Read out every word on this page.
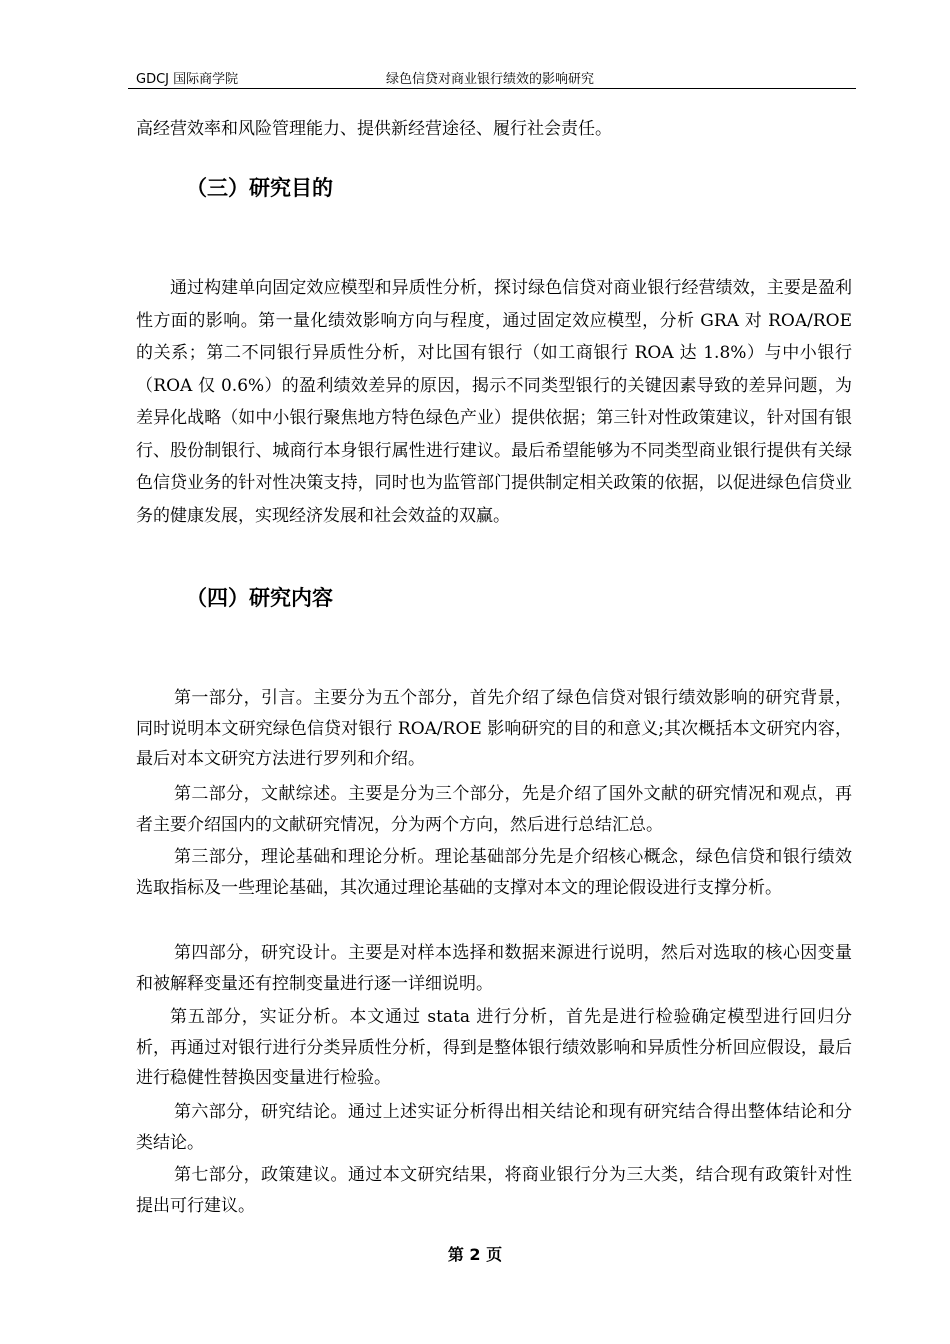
GDCJ 国际商学院	绿色信贷对商业银行绩效的影响研究
高经营效率和风险管理能力、提供新经营途径、履行社会责任。
（三）研究目的
通过构建单向固定效应模型和异质性分析，探讨绿色信贷对商业银行经营绩效，主要是盈利性方面的影响。第一量化绩效影响方向与程度，通过固定效应模型，分析 GRA 对 ROA/ROE 的关系；第二不同银行异质性分析，对比国有银行（如工商银行 ROA 达 1.8%）与中小银行（ROA 仅 0.6%）的盈利绩效差异的原因，揭示不同类型银行的关键因素导致的差异问题，为差异化战略（如中小银行聚焦地方特色绿色产业）提供依据；第三针对性政策建议，针对国有银行、股份制银行、城商行本身银行属性进行建议。最后希望能够为不同类型商业银行提供有关绿色信贷业务的针对性决策支持，同时也为监管部门提供制定相关政策的依据，以促进绿色信贷业务的健康发展，实现经济发展和社会效益的双赢。
（四）研究内容
第一部分，引言。主要分为五个部分，首先介绍了绿色信贷对银行绩效影响的研究背景，同时说明本文研究绿色信贷对银行 ROA/ROE 影响研究的目的和意义;其次概括本文研究内容，最后对本文研究方法进行罗列和介绍。
第二部分，文献综述。主要是分为三个部分，先是介绍了国外文献的研究情况和观点，再者主要介绍国内的文献研究情况，分为两个方向，然后进行总结汇总。
第三部分，理论基础和理论分析。理论基础部分先是介绍核心概念，绿色信贷和银行绩效选取指标及一些理论基础，其次通过理论基础的支撑对本文的理论假设进行支撑分析。
第四部分，研究设计。主要是对样本选择和数据来源进行说明，然后对选取的核心因变量和被解释变量还有控制变量进行逐一详细说明。
第五部分，实证分析。本文通过 stata 进行分析，首先是进行检验确定模型进行回归分析，再通过对银行进行分类异质性分析，得到是整体银行绩效影响和异质性分析回应假设，最后进行稳健性替换因变量进行检验。
第六部分，研究结论。通过上述实证分析得出相关结论和现有研究结合得出整体结论和分类结论。
第七部分，政策建议。通过本文研究结果，将商业银行分为三大类，结合现有政策针对性提出可行建议。
第 2 页
